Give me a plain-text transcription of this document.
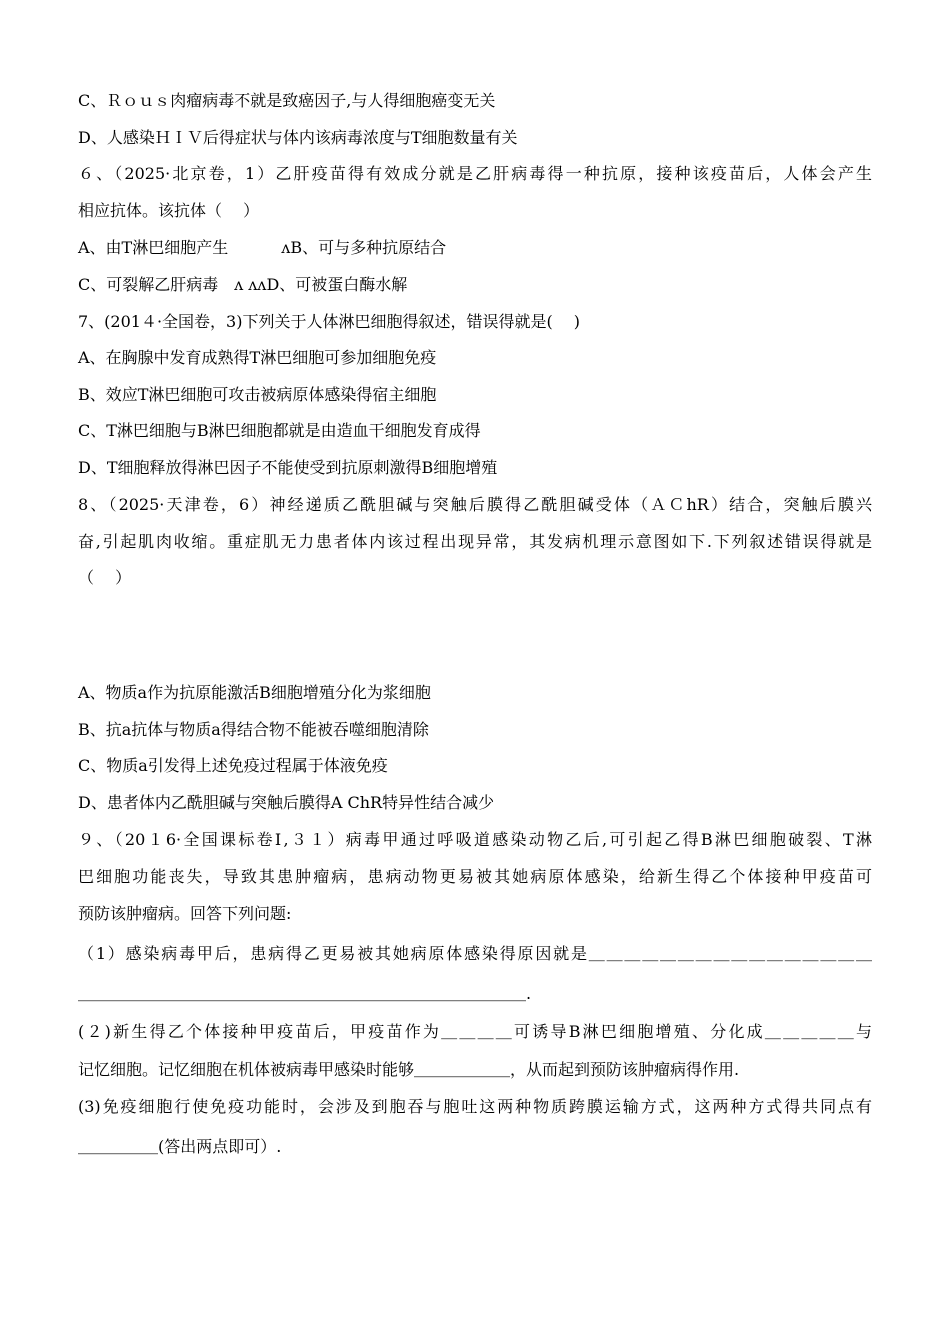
C、Ｒｏｕｓ肉瘤病毒不就是致癌因子,与人得细胞癌变无关
D、人感染ＨＩＶ后得症状与体内该病毒浓度与T细胞数量有关
６、（2025·北京卷，1）乙肝疫苗得有效成分就是乙肝病毒得一种抗原，接种该疫苗后，人体会产生
相应抗体。该抗体（　 ）
A、由T淋巴细胞产生　　　 ᴧB、可与多种抗原结合
C、可裂解乙肝病毒　ᴧ ᴧᴧD、可被蛋白酶水解
7、(201４·全国卷，3)下列关于人体淋巴细胞得叙述，错误得就是(　 )
A、在胸腺中发育成熟得T淋巴细胞可参加细胞免疫
B、效应T淋巴细胞可攻击被病原体感染得宿主细胞
C、T淋巴细胞与B淋巴细胞都就是由造血干细胞发育成得
D、T细胞释放得淋巴因子不能使受到抗原刺激得B细胞增殖
8、（2025·天津卷，6）神经递质乙酰胆碱与突触后膜得乙酰胆碱受体（ＡＣhR）结合，突触后膜兴
奋,引起肌肉收缩。重症肌无力患者体内该过程出现异常，其发病机理示意图如下.下列叙述错误得就是
（　 ）
A、物质a作为抗原能激活B细胞增殖分化为浆细胞
B、抗a抗体与物质a得结合物不能被吞噬细胞清除
C、物质a引发得上述免疫过程属于体液免疫
D、患者体内乙酰胆碱与突触后膜得A ChR特异性结合减少
９、（20１6·全国课标卷Ⅰ,３１）病毒甲通过呼吸道感染动物乙后,可引起乙得B淋巴细胞破裂、T淋
巴细胞功能丧失，导致其患肿瘤病，患病动物更易被其她病原体感染，给新生得乙个体接种甲疫苗可
预防该肿瘤病。回答下列问题:
（1）感染病毒甲后，患病得乙更易被其她病原体感染得原因就是＿＿＿＿＿＿＿＿＿＿＿＿＿＿＿＿
＿＿＿＿＿＿＿＿＿＿＿＿＿＿＿＿＿＿＿＿＿＿＿＿＿＿＿＿.
(２)新生得乙个体接种甲疫苗后，甲疫苗作为＿＿＿＿可诱导B淋巴细胞增殖、分化成＿＿＿＿＿与
记忆细胞。记忆细胞在机体被病毒甲感染时能够＿＿＿＿＿＿，从而起到预防该肿瘤病得作用.
(3)免疫细胞行使免疫功能时，会涉及到胞吞与胞吐这两种物质跨膜运输方式，这两种方式得共同点有
＿＿＿＿＿(答出两点即可）.
